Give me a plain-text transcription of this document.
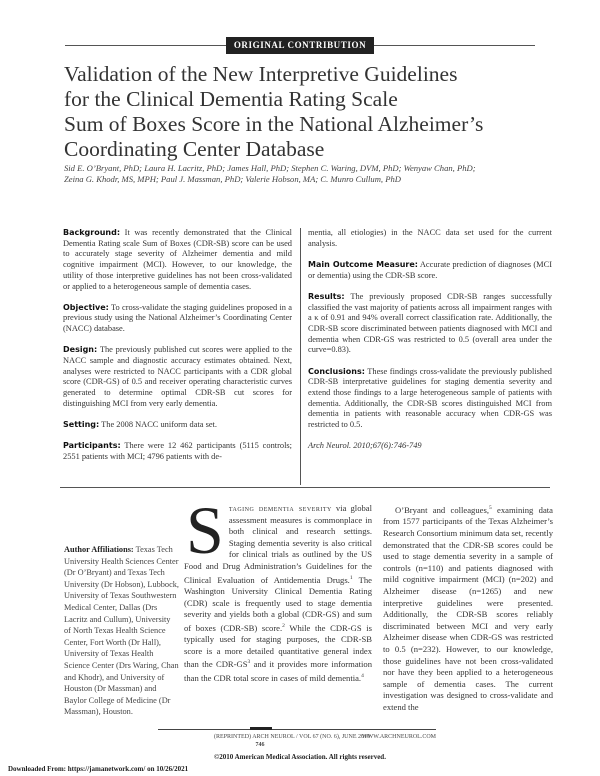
ORIGINAL CONTRIBUTION
Validation of the New Interpretive Guidelines
for the Clinical Dementia Rating Scale
Sum of Boxes Score in the National Alzheimer’s
Coordinating Center Database
Sid E. O’Bryant, PhD; Laura H. Lacritz, PhD; James Hall, PhD; Stephen C. Waring, DVM, PhD; Wenyaw Chan, PhD;
Zeina G. Khodr, MS, MPH; Paul J. Massman, PhD; Valerie Hobson, MA; C. Munro Cullum, PhD

Background: It was recently demonstrated that the Clinical Dementia Rating scale Sum of Boxes (CDR-SB) score can be used to accurately stage severity of Alzheimer dementia and mild cognitive impairment (MCI). However, to our knowledge, the utility of those interpretive guidelines has not been cross-validated or applied to a heterogeneous sample of dementia cases.

Objective: To cross-validate the staging guidelines proposed in a previous study using the National Alzheimer’s Coordinating Center (NACC) database.

Design: The previously published cut scores were applied to the NACC sample and diagnostic accuracy estimates obtained. Next, analyses were restricted to NACC participants with a CDR global score (CDR-GS) of 0.5 and receiver operating characteristic curves generated to determine optimal CDR-SB cut scores for distinguishing MCI from very early dementia.

Setting: The 2008 NACC uniform data set.

Participants: There were 12 462 participants (5115 controls; 2551 patients with MCI; 4796 patients with de-

mentia, all etiologies) in the NACC data set used for the current analysis.

Main Outcome Measure: Accurate prediction of diagnoses (MCI or dementia) using the CDR-SB score.

Results: The previously proposed CDR-SB ranges successfully classified the vast majority of patients across all impairment ranges with a κ of 0.91 and 94% overall correct classification rate. Additionally, the CDR-SB score discriminated between patients diagnosed with MCI and dementia when CDR-GS was restricted to 0.5 (overall area under the curve=0.83).

Conclusions: These findings cross-validate the previously published CDR-SB interpretative guidelines for staging dementia severity and extend those findings to a large heterogeneous sample of patients with dementia. Additionally, the CDR-SB scores distinguished MCI from dementia in patients with reasonable accuracy when CDR-GS was restricted to 0.5.

Arch Neurol. 2010;67(6):746-749

Author Affiliations: Texas Tech University Health Sciences Center (Dr O’Bryant) and Texas Tech University (Dr Hobson), Lubbock, University of Texas Southwestern Medical Center, Dallas (Drs Lacritz and Cullum), University of North Texas Health Science Center, Fort Worth (Dr Hall), University of Texas Health Science Center (Drs Waring, Chan and Khodr), and University of Houston (Dr Massman) and Baylor College of Medicine (Dr Massman), Houston.

Staging dementia severity via global assessment measures is commonplace in both clinical and research settings. Staging dementia severity is also critical for clinical trials as outlined by the US Food and Drug Administration’s Guidelines for the Clinical Evaluation of Antidementia Drugs.$^1$ The Washington University Clinical Dementia Rating (CDR) scale is frequently used to stage dementia severity and yields both a global (CDR-GS) and sum of boxes (CDR-SB) score.$^2$ While the CDR-GS is typically used for staging purposes, the CDR-SB score is a more detailed quantitative general index than the CDR-$GS^3$ and it provides more information than the CDR total score in cases of mild dementia.$^4$

O’Bryant and colleagues,$^5$ examining data from 1577 participants of the Texas Alzheimer’s Research Consortium minimum data set, recently demonstrated that the CDR-SB scores could be used to stage dementia severity in a sample of controls (n=110) and patients diagnosed with mild cognitive impairment (MCI) (n=202) and Alzheimer disease (n=1265) and new interpretive guidelines were presented. Additionally, the CDR-SB scores reliably discriminated between MCI and very early Alzheimer disease when CDR-GS was restricted to 0.5 (n=232). However, to our knowledge, those guidelines have not been cross-validated nor have they been applied to a heterogeneous sample of dementia cases. The current investigation was designed to cross-validate and extend the

(REPRINTED) ARCH NEUROL / VOL 67 (NO. 6), JUNE 2010
WWW.ARCHNEUROL.COM
746
©2010 American Medical Association. All rights reserved.
Downloaded From: https://jamanetwork.com/ on 10/26/2021
